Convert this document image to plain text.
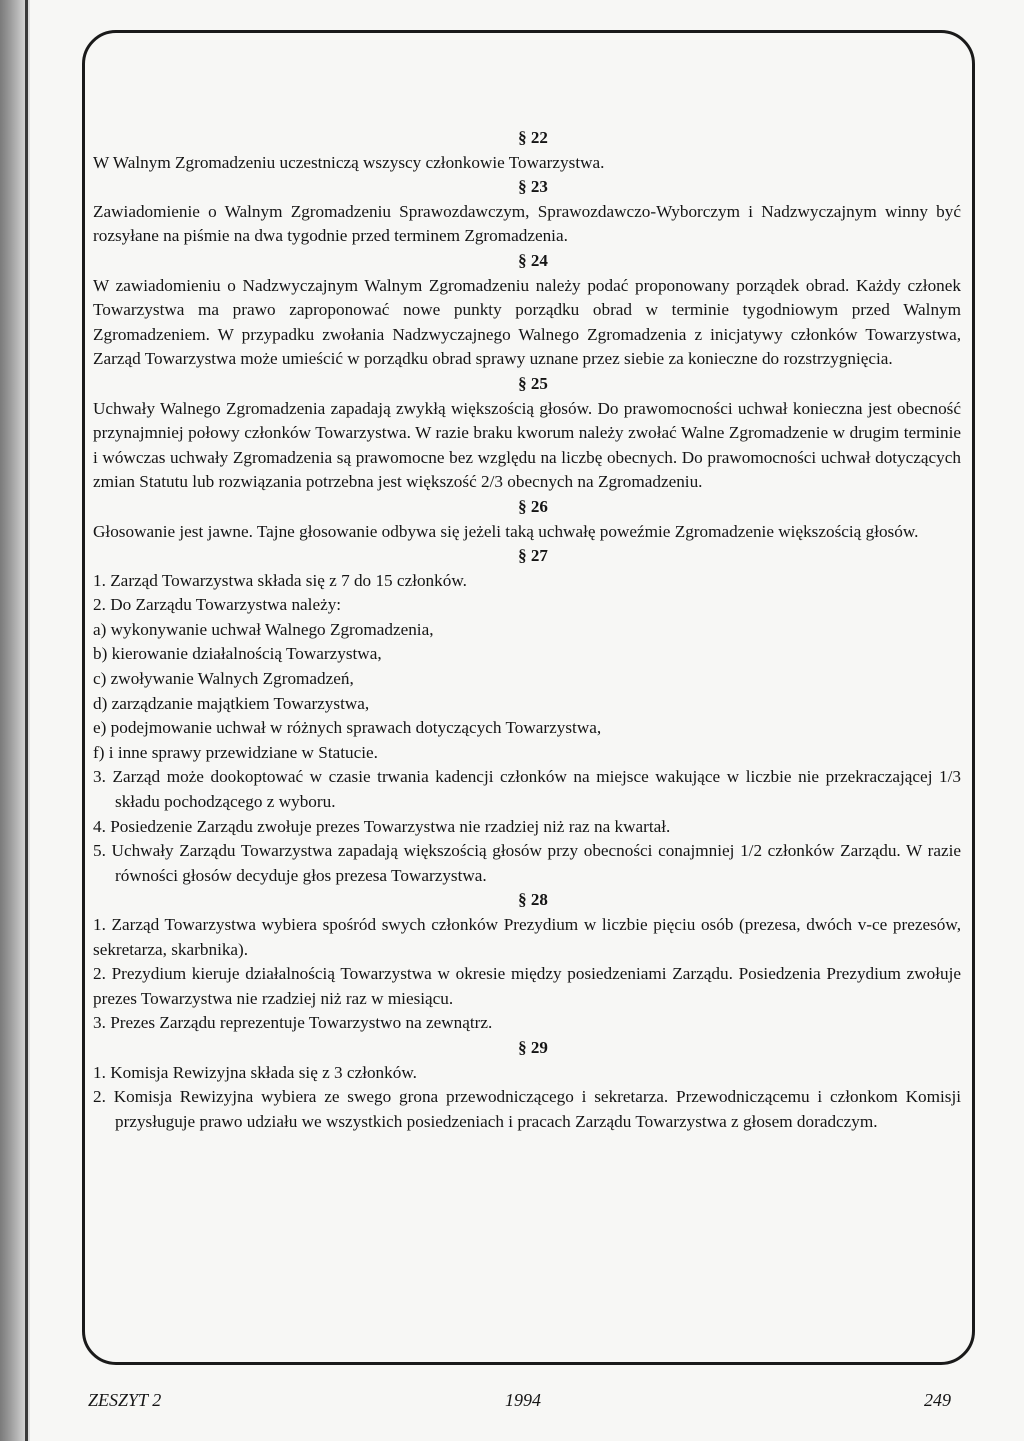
§ 22

W Walnym Zgromadzeniu uczestniczą wszyscy członkowie Towarzystwa.

§ 23

Zawiadomienie o Walnym Zgromadzeniu Sprawozdawczym, Sprawozdawczo-Wyborczym i Nadzwyczajnym winny być rozsyłane na piśmie na dwa tygodnie przed terminem Zgromadzenia.

§ 24

W zawiadomieniu o Nadzwyczajnym Walnym Zgromadzeniu należy podać proponowany porządek obrad. Każdy członek Towarzystwa ma prawo zaproponować nowe punkty porządku obrad w terminie tygodniowym przed Walnym Zgromadzeniem. W przypadku zwołania Nadzwyczajnego Walnego Zgromadzenia z inicjatywy członków Towarzystwa, Zarząd Towarzystwa może umieścić w porządku obrad sprawy uznane przez siebie za konieczne do rozstrzygnięcia.

§ 25

Uchwały Walnego Zgromadzenia zapadają zwykłą większością głosów. Do prawomocności uchwał konieczna jest obecność przynajmniej połowy członków Towarzystwa. W razie braku kworum należy zwołać Walne Zgromadzenie w drugim terminie i wówczas uchwały Zgromadzenia są prawomocne bez względu na liczbę obecnych. Do prawomocności uchwał dotyczących zmian Statutu lub rozwiązania potrzebna jest większość 2/3 obecnych na Zgromadzeniu.

§ 26

Głosowanie jest jawne. Tajne głosowanie odbywa się jeżeli taką uchwałę poweźmie Zgromadzenie większością głosów.

§ 27

1. Zarząd Towarzystwa składa się z 7 do 15 członków.

2. Do Zarządu Towarzystwa należy:

a) wykonywanie uchwał Walnego Zgromadzenia,

b) kierowanie działalnością Towarzystwa,

c) zwoływanie Walnych Zgromadzeń,

d) zarządzanie majątkiem Towarzystwa,

e) podejmowanie uchwał w różnych sprawach dotyczących Towarzystwa,

f) i inne sprawy przewidziane w Statucie.

3. Zarząd może dookoptować w czasie trwania kadencji członków na miejsce wakujące w liczbie nie przekraczającej 1/3 składu pochodzącego z wyboru.

4. Posiedzenie Zarządu zwołuje prezes Towarzystwa nie rzadziej niż raz na kwartał.

5. Uchwały Zarządu Towarzystwa zapadają większością głosów przy obecności conajmniej 1/2 członków Zarządu. W razie równości głosów decyduje głos prezesa Towarzystwa.

§ 28

1. Zarząd Towarzystwa wybiera spośród swych członków Prezydium w liczbie pięciu osób (prezesa, dwóch v-ce prezesów, sekretarza, skarbnika).

2. Prezydium kieruje działalnością Towarzystwa w okresie między posiedzeniami Zarządu. Posiedzenia Prezydium zwołuje prezes Towarzystwa nie rzadziej niż raz w miesiącu.

3. Prezes Zarządu reprezentuje Towarzystwo na zewnątrz.

§ 29

1. Komisja Rewizyjna składa się z 3 członków.

2. Komisja Rewizyjna wybiera ze swego grona przewodniczącego i sekretarza. Przewodniczącemu i członkom Komisji przysługuje prawo udziału we wszystkich posiedzeniach i pracach Zarządu Towarzystwa z głosem doradczym.

ZESZYT 2	1994	249
